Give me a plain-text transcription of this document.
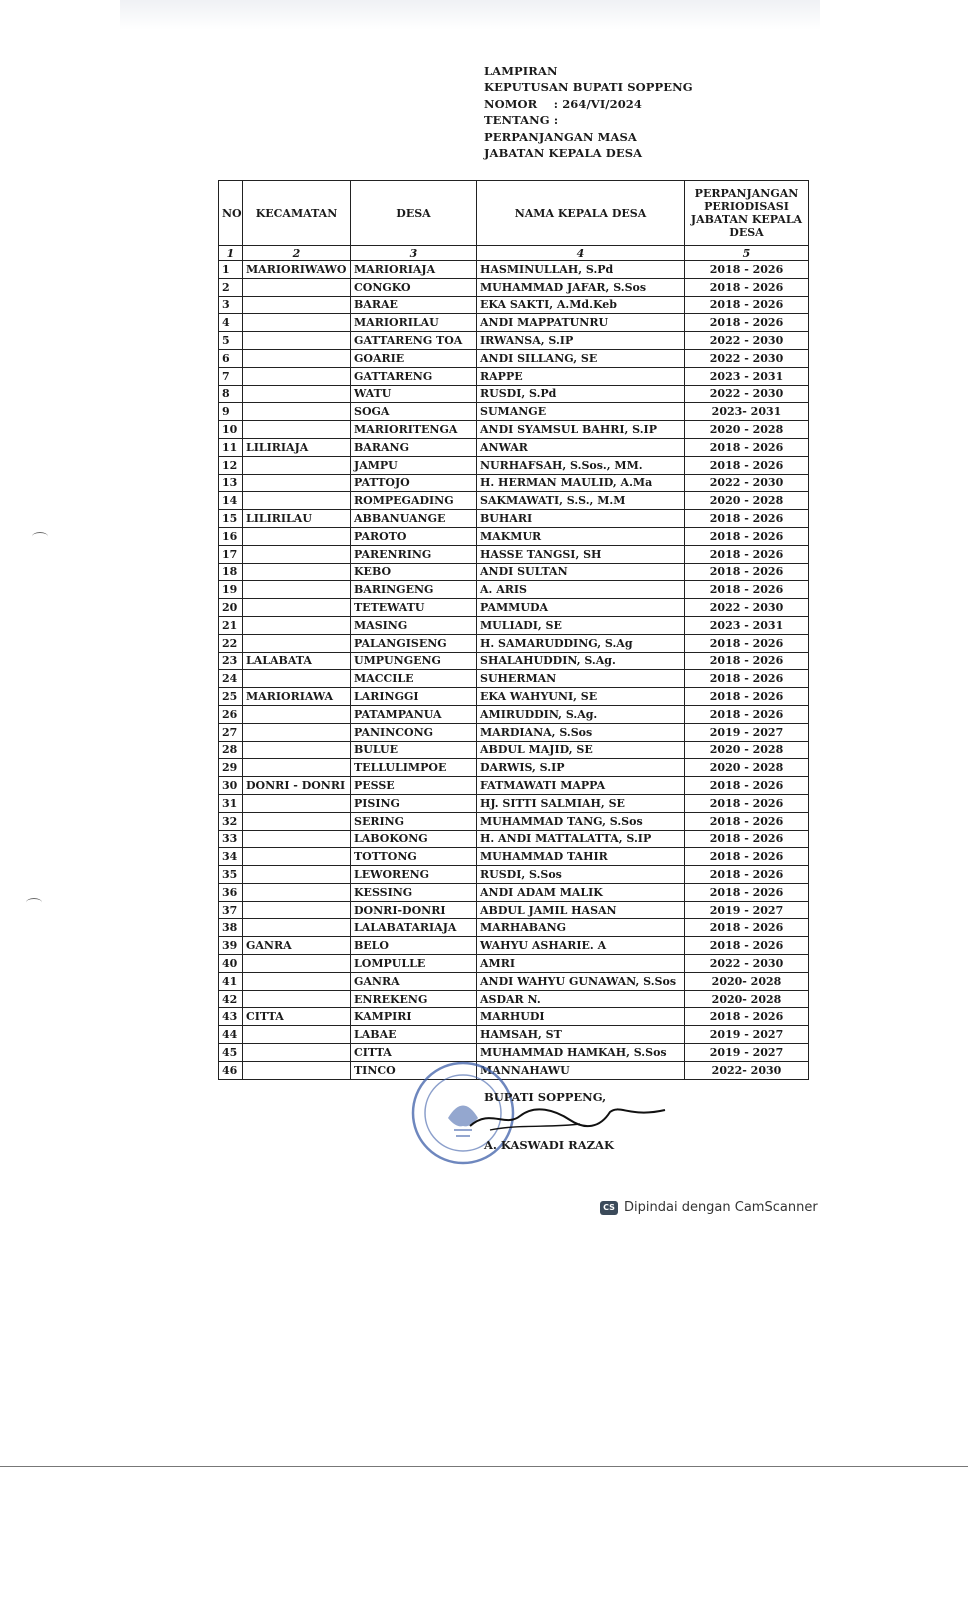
LAMPIRAN
KEPUTUSAN BUPATI SOPPENG
NOMOR    : 264/VI/2024
TENTANG :
PERPANJANGAN MASA
JABATAN KEPALA DESA
NO	KECAMATAN	DESA	NAMA KEPALA DESA	PERPANJANGAN PERIODISASI JABATAN KEPALA DESA
1	2	3	4	5
1	MARIORIWAWO	MARIORIAJA	HASMINULLAH, S.Pd	2018 - 2026
2		CONGKO	MUHAMMAD JAFAR, S.Sos	2018 - 2026
3		BARAE	EKA SAKTI, A.Md.Keb	2018 - 2026
4		MARIORILAU	ANDI MAPPATUNRU	2018 - 2026
5		GATTARENG TOA	IRWANSA, S.IP	2022 - 2030
6		GOARIE	ANDI SILLANG, SE	2022 - 2030
7		GATTARENG	RAPPE	2023 - 2031
8		WATU	RUSDI, S.Pd	2022 - 2030
9		SOGA	SUMANGE	2023- 2031
10		MARIORITENGA	ANDI SYAMSUL BAHRI, S.IP	2020 - 2028
11	LILIRIAJA	BARANG	ANWAR	2018 - 2026
12		JAMPU	NURHAFSAH, S.Sos., MM.	2018 - 2026
13		PATTOJO	H. HERMAN MAULID, A.Ma	2022 - 2030
14		ROMPEGADING	SAKMAWATI, S.S., M.M	2020 - 2028
15	LILIRILAU	ABBANUANGE	BUHARI	2018 - 2026
16		PAROTO	MAKMUR	2018 - 2026
17		PARENRING	HASSE TANGSI, SH	2018 - 2026
18		KEBO	ANDI SULTAN	2018 - 2026
19		BARINGENG	A. ARIS	2018 - 2026
20		TETEWATU	PAMMUDA	2022 - 2030
21		MASING	MULIADI, SE	2023 - 2031
22		PALANGISENG	H. SAMARUDDING, S.Ag	2018 - 2026
23	LALABATA	UMPUNGENG	SHALAHUDDIN, S.Ag.	2018 - 2026
24		MACCILE	SUHERMAN	2018 - 2026
25	MARIORIAWA	LARINGGI	EKA WAHYUNI, SE	2018 - 2026
26		PATAMPANUA	AMIRUDDIN, S.Ag.	2018 - 2026
27		PANINCONG	MARDIANA, S.Sos	2019 - 2027
28		BULUE	ABDUL MAJID, SE	2020 - 2028
29		TELLULIMPOE	DARWIS, S.IP	2020 - 2028
30	DONRI - DONRI	PESSE	FATMAWATI MAPPA	2018 - 2026
31		PISING	HJ. SITTI SALMIAH, SE	2018 - 2026
32		SERING	MUHAMMAD TANG, S.Sos	2018 - 2026
33		LABOKONG	H. ANDI MATTALATTA, S.IP	2018 - 2026
34		TOTTONG	MUHAMMAD TAHIR	2018 - 2026
35		LEWORENG	RUSDI, S.Sos	2018 - 2026
36		KESSING	ANDI ADAM MALIK	2018 - 2026
37		DONRI-DONRI	ABDUL JAMIL HASAN	2019 - 2027
38		LALABATARIAJA	MARHABANG	2018 - 2026
39	GANRA	BELO	WAHYU ASHARIE. A	2018 - 2026
40		LOMPULLE	AMRI	2022 - 2030
41		GANRA	ANDI WAHYU GUNAWAN, S.Sos	2020- 2028
42		ENREKENG	ASDAR N.	2020- 2028
43	CITTA	KAMPIRI	MARHUDI	2018 - 2026
44		LABAE	HAMSAH, ST	2019 - 2027
45		CITTA	MUHAMMAD HAMKAH, S.Sos	2019 - 2027
46		TINCO	MANNAHAWU	2022- 2030
BUPATI SOPPENG,
A. KASWADI RAZAK
CS Dipindai dengan CamScanner
